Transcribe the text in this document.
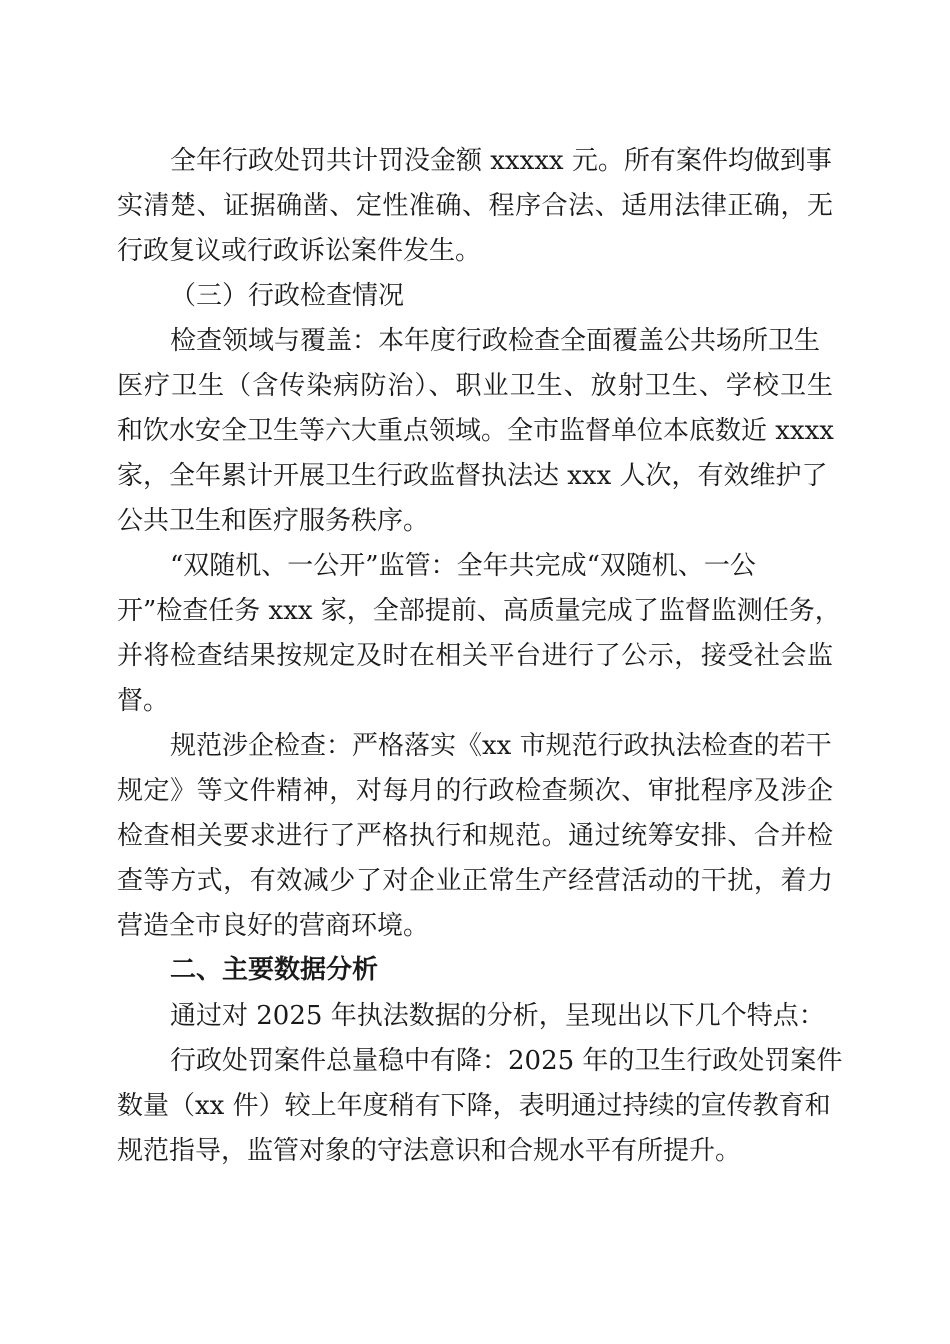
全年行政处罚共计罚没金额 xxxxx 元。所有案件均做到事
实清楚、证据确凿、定性准确、程序合法、适用法律正确，无
行政复议或行政诉讼案件发生。
（三）行政检查情况
检查领域与覆盖：本年度行政检查全面覆盖公共场所卫生
医疗卫生（含传染病防治）、职业卫生、放射卫生、学校卫生
和饮水安全卫生等六大重点领域。全市监督单位本底数近 xxxx
家，全年累计开展卫生行政监督执法达 xxx 人次，有效维护了
公共卫生和医疗服务秩序。
“双随机、一公开”监管：全年共完成“双随机、一公
开”检查任务 xxx 家，全部提前、高质量完成了监督监测任务，
并将检查结果按规定及时在相关平台进行了公示，接受社会监
督。
规范涉企检查：严格落实《xx 市规范行政执法检查的若干
规定》等文件精神，对每月的行政检查频次、审批程序及涉企
检查相关要求进行了严格执行和规范。通过统筹安排、合并检
查等方式，有效减少了对企业正常生产经营活动的干扰，着力
营造全市良好的营商环境。
二、主要数据分析
通过对 2025 年执法数据的分析，呈现出以下几个特点：
行政处罚案件总量稳中有降：2025 年的卫生行政处罚案件
数量（xx 件）较上年度稍有下降，表明通过持续的宣传教育和
规范指导，监管对象的守法意识和合规水平有所提升。
